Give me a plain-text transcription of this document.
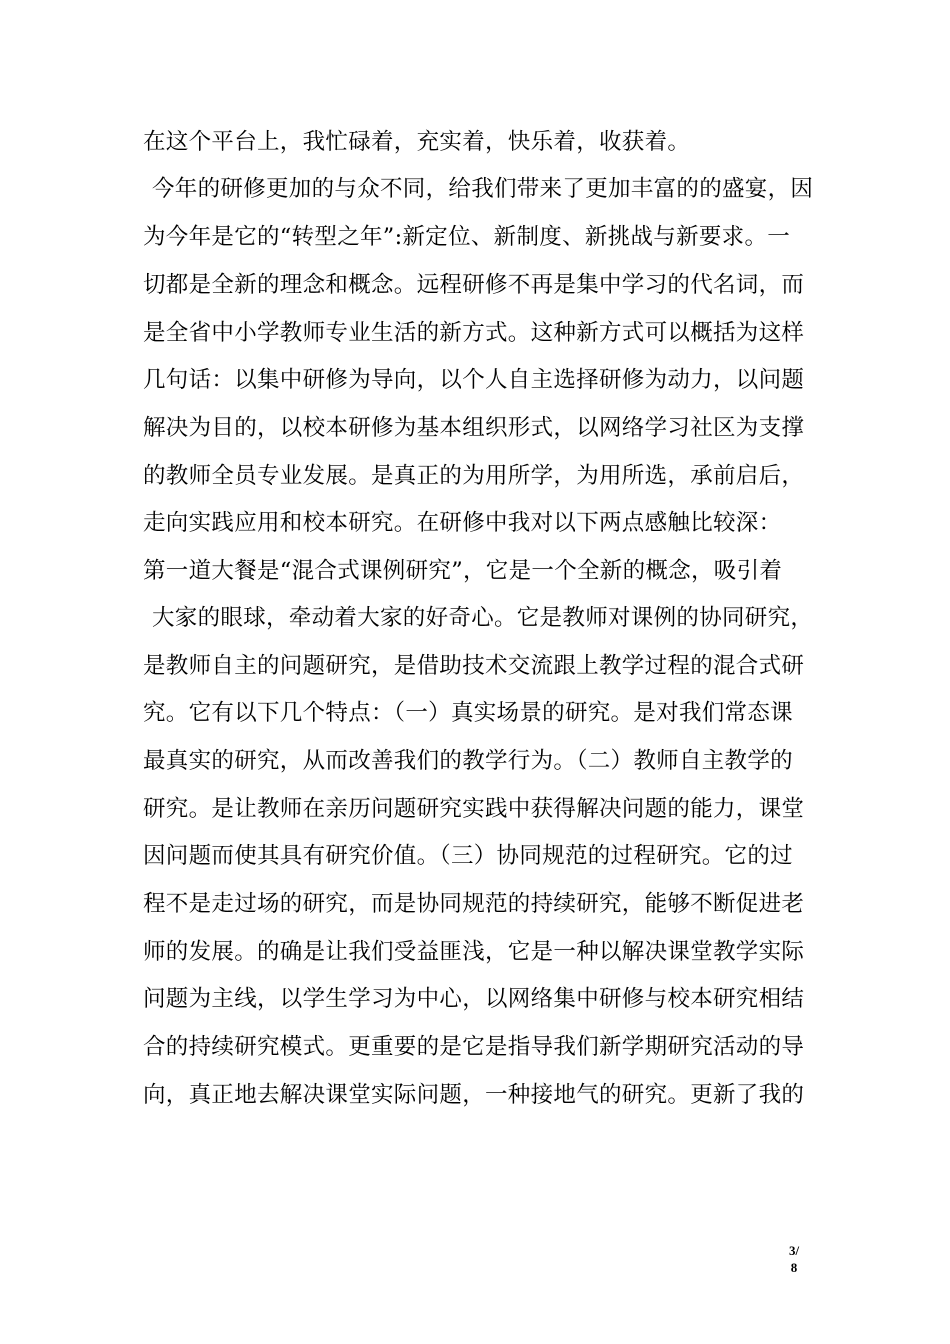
在这个平台上，我忙碌着，充实着，快乐着，收获着。
今年的研修更加的与众不同，给我们带来了更加丰富的的盛宴，因
为今年是它的“转型之年”:新定位、新制度、新挑战与新要求。一
切都是全新的理念和概念。远程研修不再是集中学习的代名词，而
是全省中小学教师专业生活的新方式。这种新方式可以概括为这样
几句话：以集中研修为导向，以个人自主选择研修为动力，以问题
解决为目的，以校本研修为基本组织形式，以网络学习社区为支撑
的教师全员专业发展。是真正的为用所学，为用所选，承前启后，
走向实践应用和校本研究。在研修中我对以下两点感触比较深：
第一道大餐是“混合式课例研究”，它是一个全新的概念，吸引着
大家的眼球，牵动着大家的好奇心。它是教师对课例的协同研究，
是教师自主的问题研究，是借助技术交流跟上教学过程的混合式研
究。它有以下几个特点：（一）真实场景的研究。是对我们常态课
最真实的研究，从而改善我们的教学行为。（二）教师自主教学的
研究。是让教师在亲历问题研究实践中获得解决问题的能力，课堂
因问题而使其具有研究价值。（三）协同规范的过程研究。它的过
程不是走过场的研究，而是协同规范的持续研究，能够不断促进老
师的发展。的确是让我们受益匪浅，它是一种以解决课堂教学实际
问题为主线，以学生学习为中心，以网络集中研修与校本研究相结
合的持续研究模式。更重要的是它是指导我们新学期研究活动的导
向，真正地去解决课堂实际问题，一种接地气的研究。更新了我的
3/
8
